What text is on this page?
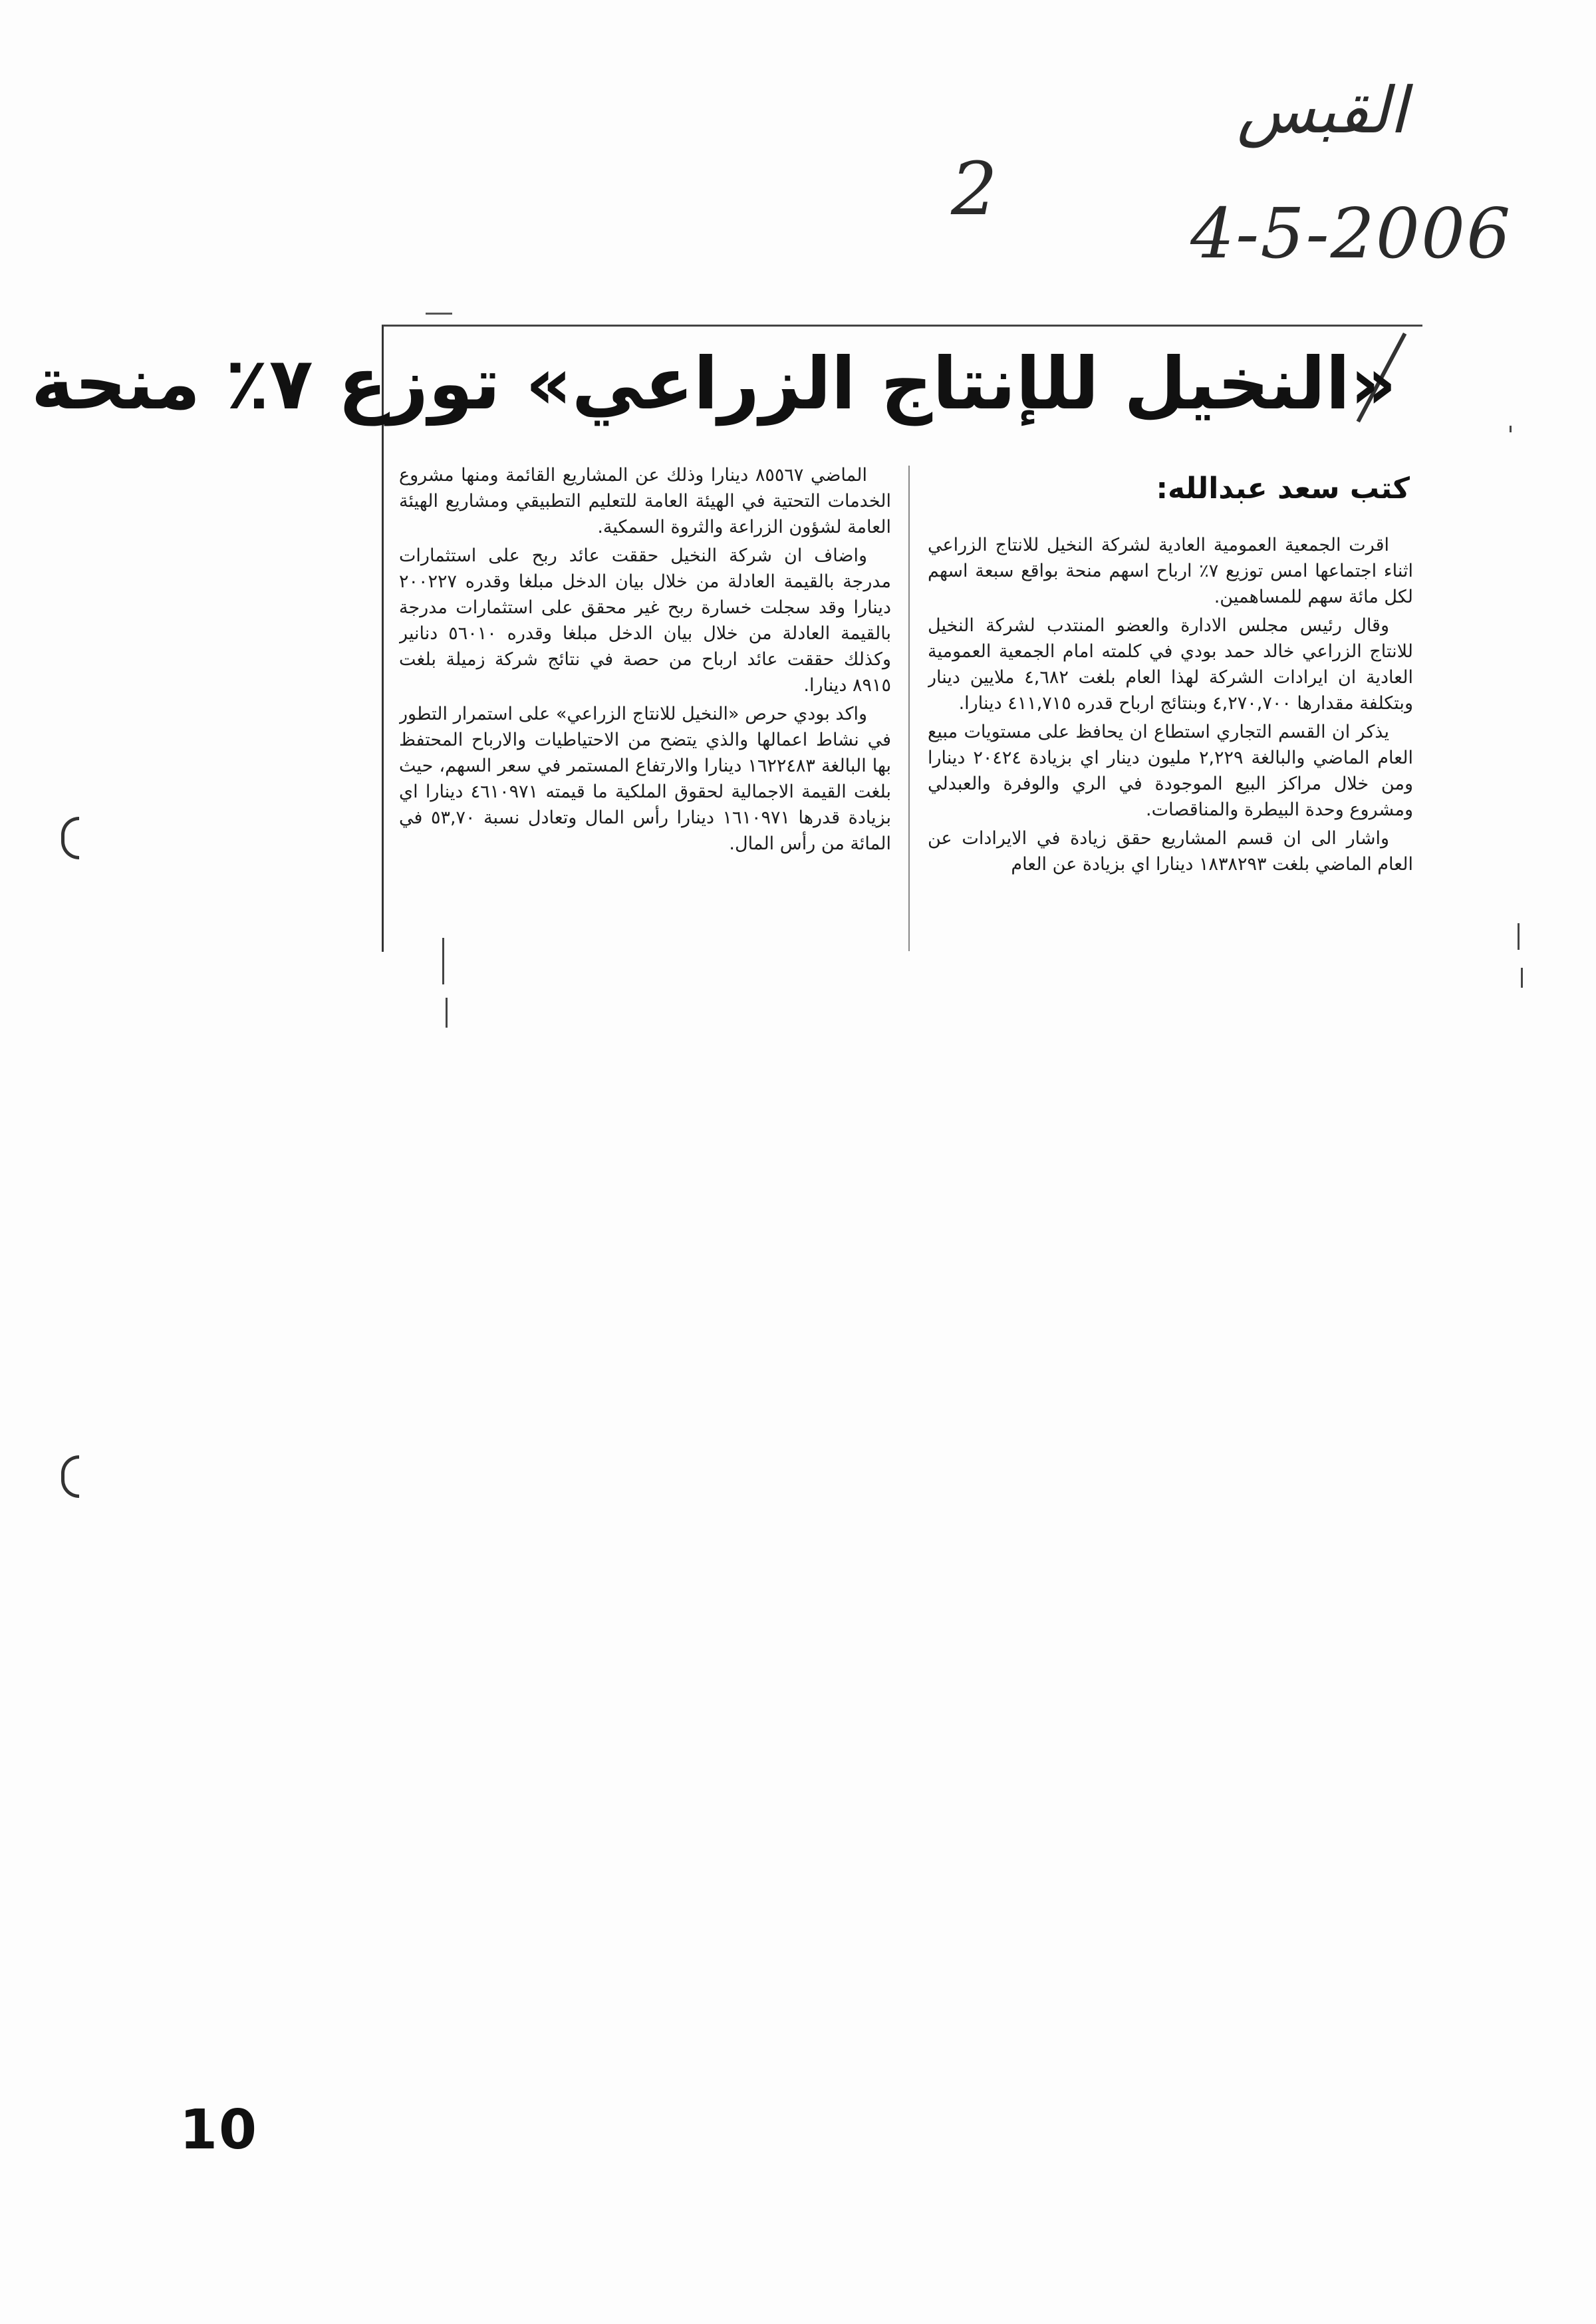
القبس
2
4-5-2006
«النخيل للإنتاج الزراعي» توزع ٧٪ منحة
كتب سعد عبدالله:

اقرت الجمعية العمومية العادية لشركة النخيل للانتاج الزراعي اثناء اجتماعها امس توزيع ٧٪ ارباح اسهم منحة بواقع سبعة اسهم لكل مائة سهم للمساهمين.

وقال رئيس مجلس الادارة والعضو المنتدب لشركة النخيل للانتاج الزراعي خالد حمد بودي في كلمته امام الجمعية العمومية العادية ان ايرادات الشركة لهذا العام بلغت ٤,٦٨٢ ملايين دينار وبتكلفة مقدارها ٤,٢٧٠,٧٠٠ وبنتائج ارباح قدره ٤١١,٧١٥ دينارا.

يذكر ان القسم التجاري استطاع ان يحافظ على مستويات مبيع العام الماضي والبالغة ٢,٢٢٩ مليون دينار اي بزيادة ٢٠٤٢٤ دينارا ومن خلال مراكز البيع الموجودة في الري والوفرة والعبدلي ومشروع وحدة البيطرة والمناقصات.

واشار الى ان قسم المشاريع حقق زيادة في الايرادات عن العام الماضي بلغت ١٨٣٨٢٩٣ دينارا اي بزيادة عن العام

الماضي ٨٥٥٦٧ دينارا وذلك عن المشاريع القائمة ومنها مشروع الخدمات التحتية في الهيئة العامة للتعليم التطبيقي ومشاريع الهيئة العامة لشؤون الزراعة والثروة السمكية.

واضاف ان شركة النخيل حققت عائد ربح على استثمارات مدرجة بالقيمة العادلة من خلال بيان الدخل مبلغا وقدره ٢٠٠٢٢٧ دينارا وقد سجلت خسارة ربح غير محقق على استثمارات مدرجة بالقيمة العادلة من خلال بيان الدخل مبلغا وقدره ٥٦٠١٠ دنانير وكذلك حققت عائد ارباح من حصة في نتائج شركة زميلة بلغت ٨٩١٥ دينارا.

واكد بودي حرص «النخيل للانتاج الزراعي» على استمرار التطور في نشاط اعمالها والذي يتضح من الاحتياطيات والارباح المحتفظ بها البالغة ١٦٢٢٤٨٣ دينارا والارتفاع المستمر في سعر السهم، حيث بلغت القيمة الاجمالية لحقوق الملكية ما قيمته ٤٦١٠٩٧١ دينارا اي بزيادة قدرها ١٦١٠٩٧١ دينارا رأس المال وتعادل نسبة ٥٣,٧٠ في المائة من رأس المال.

10
